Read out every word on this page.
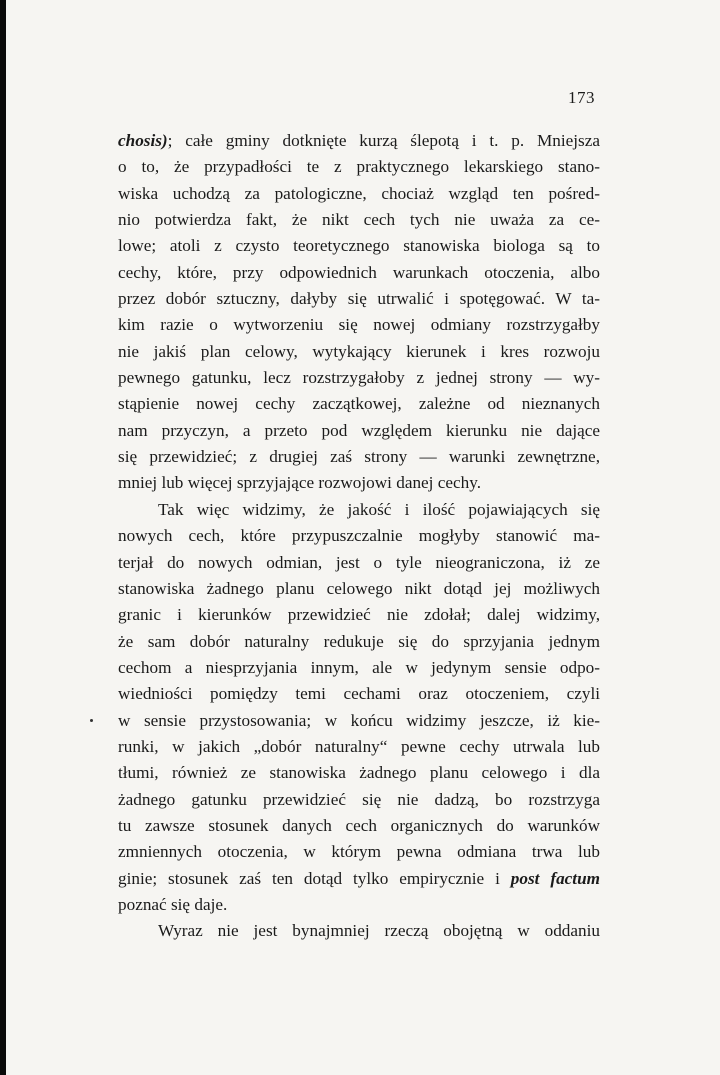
173
chosis); całe gminy dotknięte kurzą ślepotą i t. p. Mniejsza
o to, że przypadłości te z praktycznego lekarskiego stano-
wiska uchodzą za patologiczne, chociaż wzgląd ten pośred-
nio potwierdza fakt, że nikt cech tych nie uważa za ce-
lowe; atoli z czysto teoretycznego stanowiska biologa są to
cechy, które, przy odpowiednich warunkach otoczenia, albo
przez dobór sztuczny, dałyby się utrwalić i spotęgować. W ta-
kim razie o wytworzeniu się nowej odmiany rozstrzygałby
nie jakiś plan celowy, wytykający kierunek i kres rozwoju
pewnego gatunku, lecz rozstrzygałoby z jednej strony — wy-
stąpienie nowej cechy zaczątkowej, zależne od nieznanych
nam przyczyn, a przeto pod względem kierunku nie dające
się przewidzieć; z drugiej zaś strony — warunki zewnętrzne,
mniej lub więcej sprzyjające rozwojowi danej cechy.
Tak więc widzimy, że jakość i ilość pojawiających się
nowych cech, które przypuszczalnie mogłyby stanowić ma-
terjał do nowych odmian, jest o tyle nieograniczona, iż ze
stanowiska żadnego planu celowego nikt dotąd jej możliwych
granic i kierunków przewidzieć nie zdołał; dalej widzimy,
że sam dobór naturalny redukuje się do sprzyjania jednym
cechom a niesprzyjania innym, ale w jedynym sensie odpo-
wiedniości pomiędzy temi cechami oraz otoczeniem, czyli
w sensie przystosowania; w końcu widzimy jeszcze, iż kie-
runki, w jakich „dobór naturalny“ pewne cechy utrwala lub
tłumi, również ze stanowiska żadnego planu celowego i dla
żadnego gatunku przewidzieć się nie dadzą, bo rozstrzyga
tu zawsze stosunek danych cech organicznych do warunków
zmniennych otoczenia, w którym pewna odmiana trwa lub
ginie; stosunek zaś ten dotąd tylko empirycznie i post factum
poznać się daje.
Wyraz nie jest bynajmniej rzeczą obojętną w oddaniu
